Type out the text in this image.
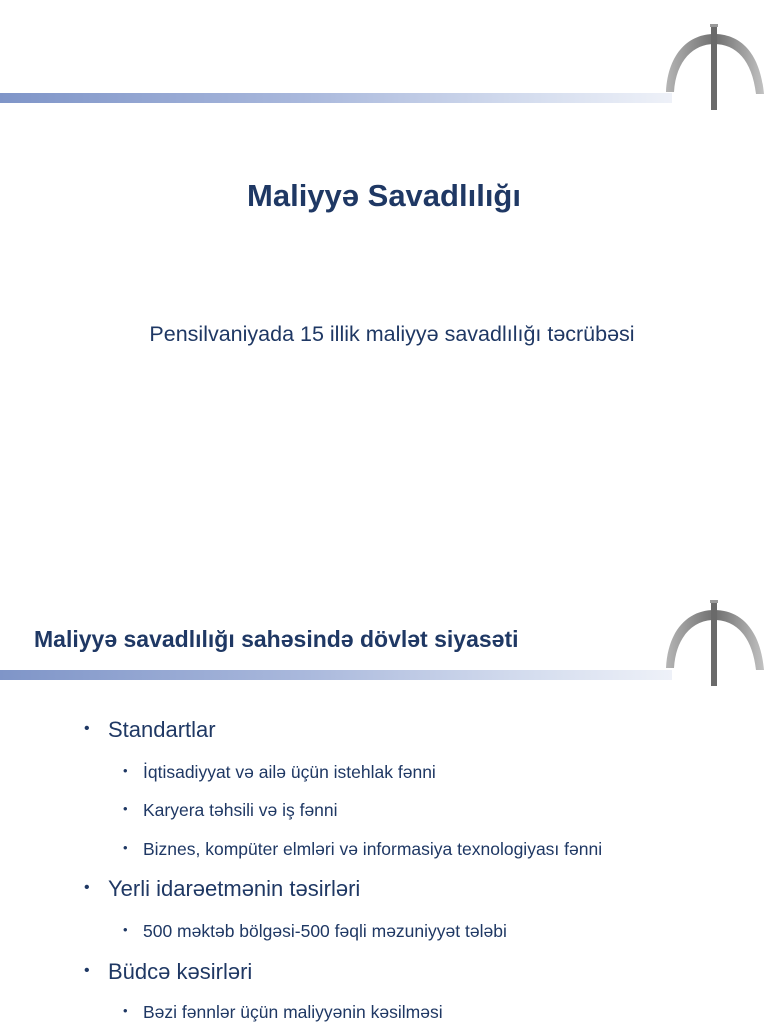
Maliyyə Savadlılığı
Pensilvaniyada 15 illik maliyyə savadlılığı təcrübəsi
Maliyyə savadlılığı sahəsində dövlət siyasəti
• Standartlar
• İqtisadiyyat və ailə üçün istehlak fənni
• Karyera təhsili və iş fənni
• Biznes, kompüter elmləri və informasiya texnologiyası fənni
• Yerli idarəetmənin təsirləri
• 500 məktəb bölgəsi-500 fəqli məzuniyyət tələbi
• Büdcə kəsirləri
• Bəzi fənnlər üçün maliyyənin kəsilməsi
